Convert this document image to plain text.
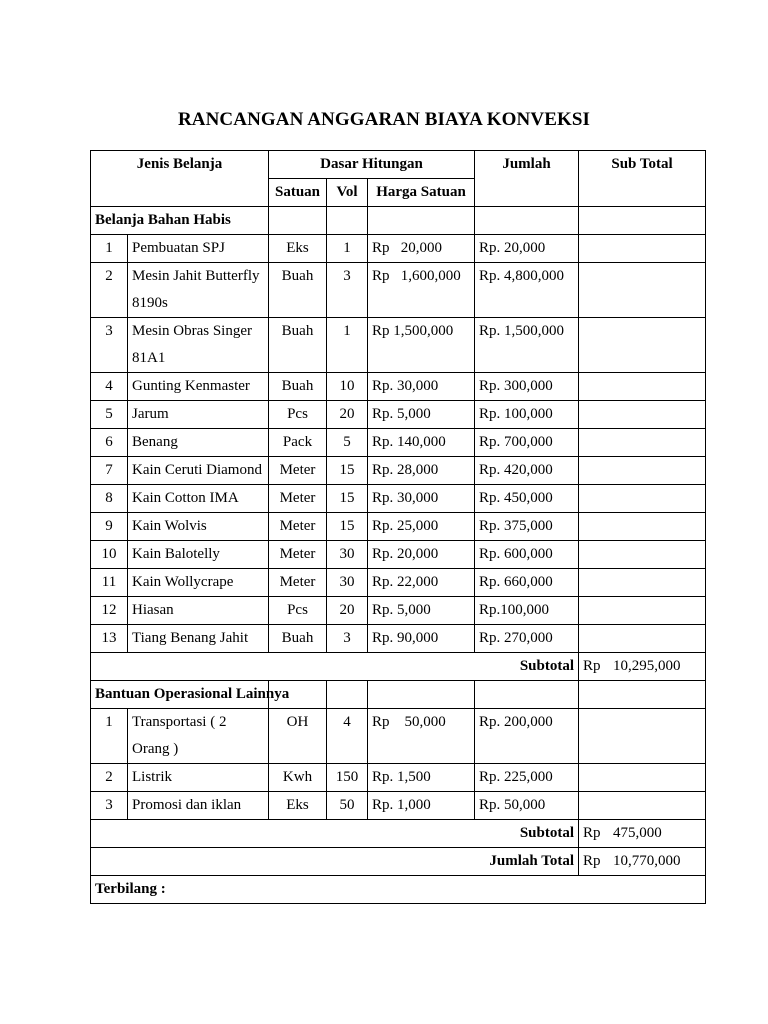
RANCANGAN ANGGARAN BIAYA KONVEKSI
Jenis Belanja		Dasar Hitungan			Jumlah	Sub Total
		Satuan	Vol	Harga Satuan		
Belanja Bahan Habis						
1	Pembuatan SPJ	Eks	1	Rp   20,000	Rp. 20,000	
2	Mesin Jahit Butterfly 8190s	Buah	3	Rp   1,600,000	Rp. 4,800,000	
3	Mesin Obras Singer 81A1	Buah	1	Rp 1,500,000	Rp. 1,500,000	
4	Gunting Kenmaster	Buah	10	Rp. 30,000	Rp. 300,000	
5	Jarum	Pcs	20	Rp. 5,000	Rp. 100,000	
6	Benang	Pack	5	Rp. 140,000	Rp. 700,000	
7	Kain Ceruti Diamond	Meter	15	Rp. 28,000	Rp. 420,000	
8	Kain Cotton IMA	Meter	15	Rp. 30,000	Rp. 450,000	
9	Kain Wolvis	Meter	15	Rp. 25,000	Rp. 375,000	
10	Kain Balotelly	Meter	30	Rp. 20,000	Rp. 600,000	
11	Kain Wollycrape	Meter	30	Rp. 22,000	Rp. 660,000	
12	Hiasan	Pcs	20	Rp. 5,000	Rp.100,000	
13	Tiang Benang Jahit	Buah	3	Rp. 90,000	Rp. 270,000	
Subtotal						Rp 10,295,000
Bantuan Operasional Lainnya						
1	Transportasi ( 2 Orang )	OH	4	Rp    50,000	Rp. 200,000	
2	Listrik	Kwh	150	Rp. 1,500	Rp. 225,000	
3	Promosi dan iklan	Eks	50	Rp. 1,000	Rp. 50,000	
Subtotal						Rp 475,000
Jumlah Total						Rp 10,770,000
Terbilang :						
